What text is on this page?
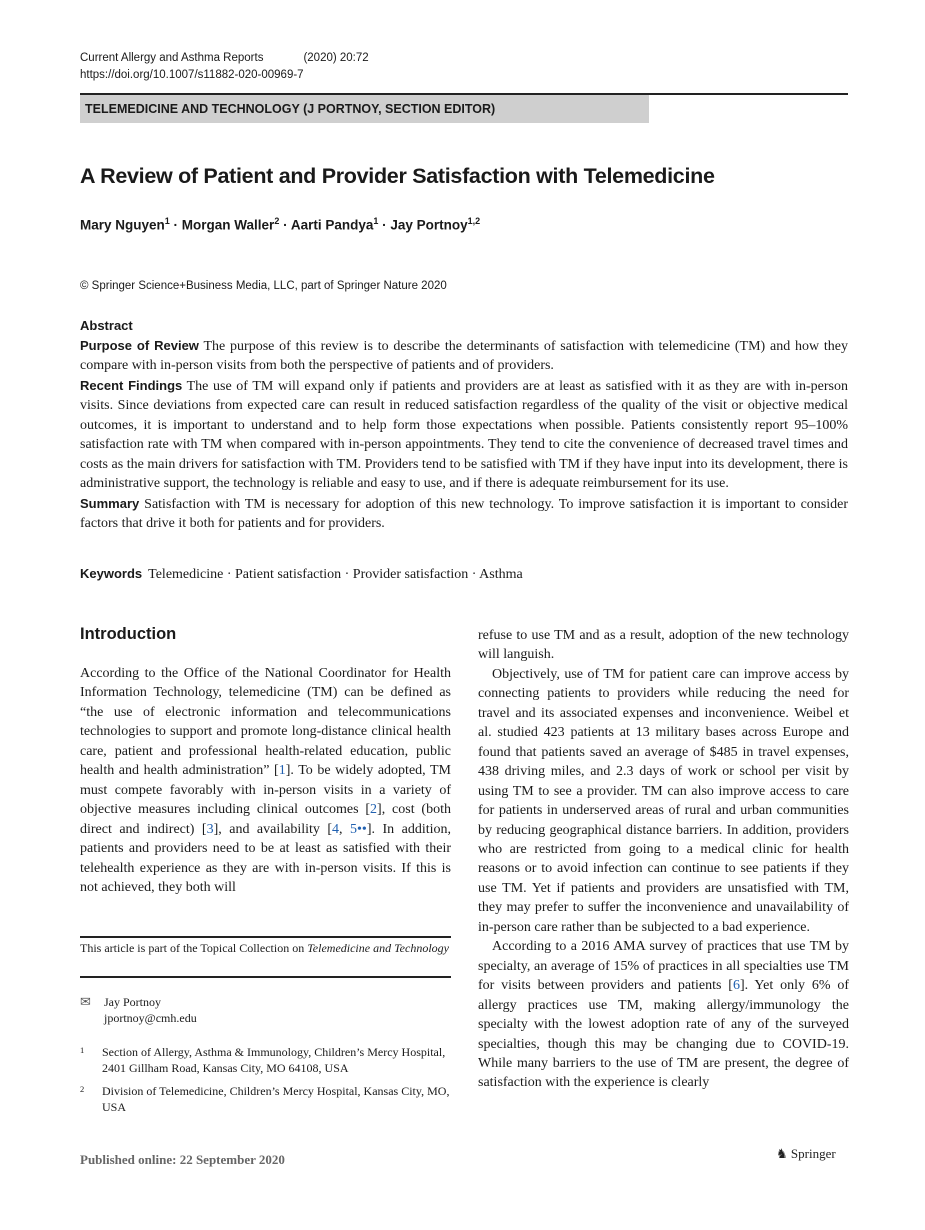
Current Allergy and Asthma Reports	(2020) 20:72
https://doi.org/10.1007/s11882-020-00969-7
TELEMEDICINE AND TECHNOLOGY (J PORTNOY, SECTION EDITOR)
A Review of Patient and Provider Satisfaction with Telemedicine
Mary Nguyen$^1$ · Morgan Waller$^2$ · Aarti Pandya$^1$ · Jay Portnoy$^{1,2}$
© Springer Science+Business Media, LLC, part of Springer Nature 2020
Abstract
Purpose of Review The purpose of this review is to describe the determinants of satisfaction with telemedicine (TM) and how they compare with in-person visits from both the perspective of patients and of providers.
Recent Findings The use of TM will expand only if patients and providers are at least as satisfied with it as they are with in-person visits. Since deviations from expected care can result in reduced satisfaction regardless of the quality of the visit or objective medical outcomes, it is important to understand and to help form those expectations when possible. Patients consistently report 95–100% satisfaction rate with TM when compared with in-person appointments. They tend to cite the convenience of decreased travel times and costs as the main drivers for satisfaction with TM. Providers tend to be satisfied with TM if they have input into its development, there is administrative support, the technology is reliable and easy to use, and if there is adequate reimbursement for its use.
Summary Satisfaction with TM is necessary for adoption of this new technology. To improve satisfaction it is important to consider factors that drive it both for patients and for providers.
Keywords Telemedicine · Patient satisfaction · Provider satisfaction · Asthma
Introduction

According to the Office of the National Coordinator for Health Information Technology, telemedicine (TM) can be defined as “the use of electronic information and telecommunications technologies to support and promote long-distance clinical health care, patient and professional health-related education, public health and health administration” [1]. To be widely adopted, TM must compete favorably with in-person visits in a variety of objective measures including clinical outcomes [2], cost (both direct and indirect) [3], and availability [4, 5••]. In addition, patients and providers need to be at least as satisfied with their telehealth experience as they are with in-person visits. If this is not achieved, they both will

refuse to use TM and as a result, adoption of the new technology will languish.

Objectively, use of TM for patient care can improve access by connecting patients to providers while reducing the need for travel and its associated expenses and inconvenience. Weibel et al. studied 423 patients at 13 military bases across Europe and found that patients saved an average of $485 in travel expenses, 438 driving miles, and 2.3 days of work or school per visit by using TM to see a provider. TM can also improve access to care for patients in underserved areas of rural and urban communities by reducing geographical distance barriers. In addition, providers who are restricted from going to a medical clinic for health reasons or to avoid infection can continue to see patients if they use TM. Yet if patients and providers are unsatisfied with TM, they may prefer to suffer the inconvenience and unavailability of in-person care rather than be subjected to a bad experience.

According to a 2016 AMA survey of practices that use TM by specialty, an average of 15% of practices in all specialties use TM for visits between providers and patients [6]. Yet only 6% of allergy practices use TM, making allergy/immunology the specialty with the lowest adoption rate of any of the surveyed specialties, though this may be changing due to COVID-19. While many barriers to the use of TM are present, the degree of satisfaction with the experience is clearly

This article is part of the Topical Collection on Telemedicine and Technology
✉ Jay Portnoy
jportnoy@cmh.edu
1 Section of Allergy, Asthma & Immunology, Children’s Mercy Hospital, 2401 Gillham Road, Kansas City, MO 64108, USA
2 Division of Telemedicine, Children’s Mercy Hospital, Kansas City, MO, USA
Published online: 22 September 2020	♞ Springer
